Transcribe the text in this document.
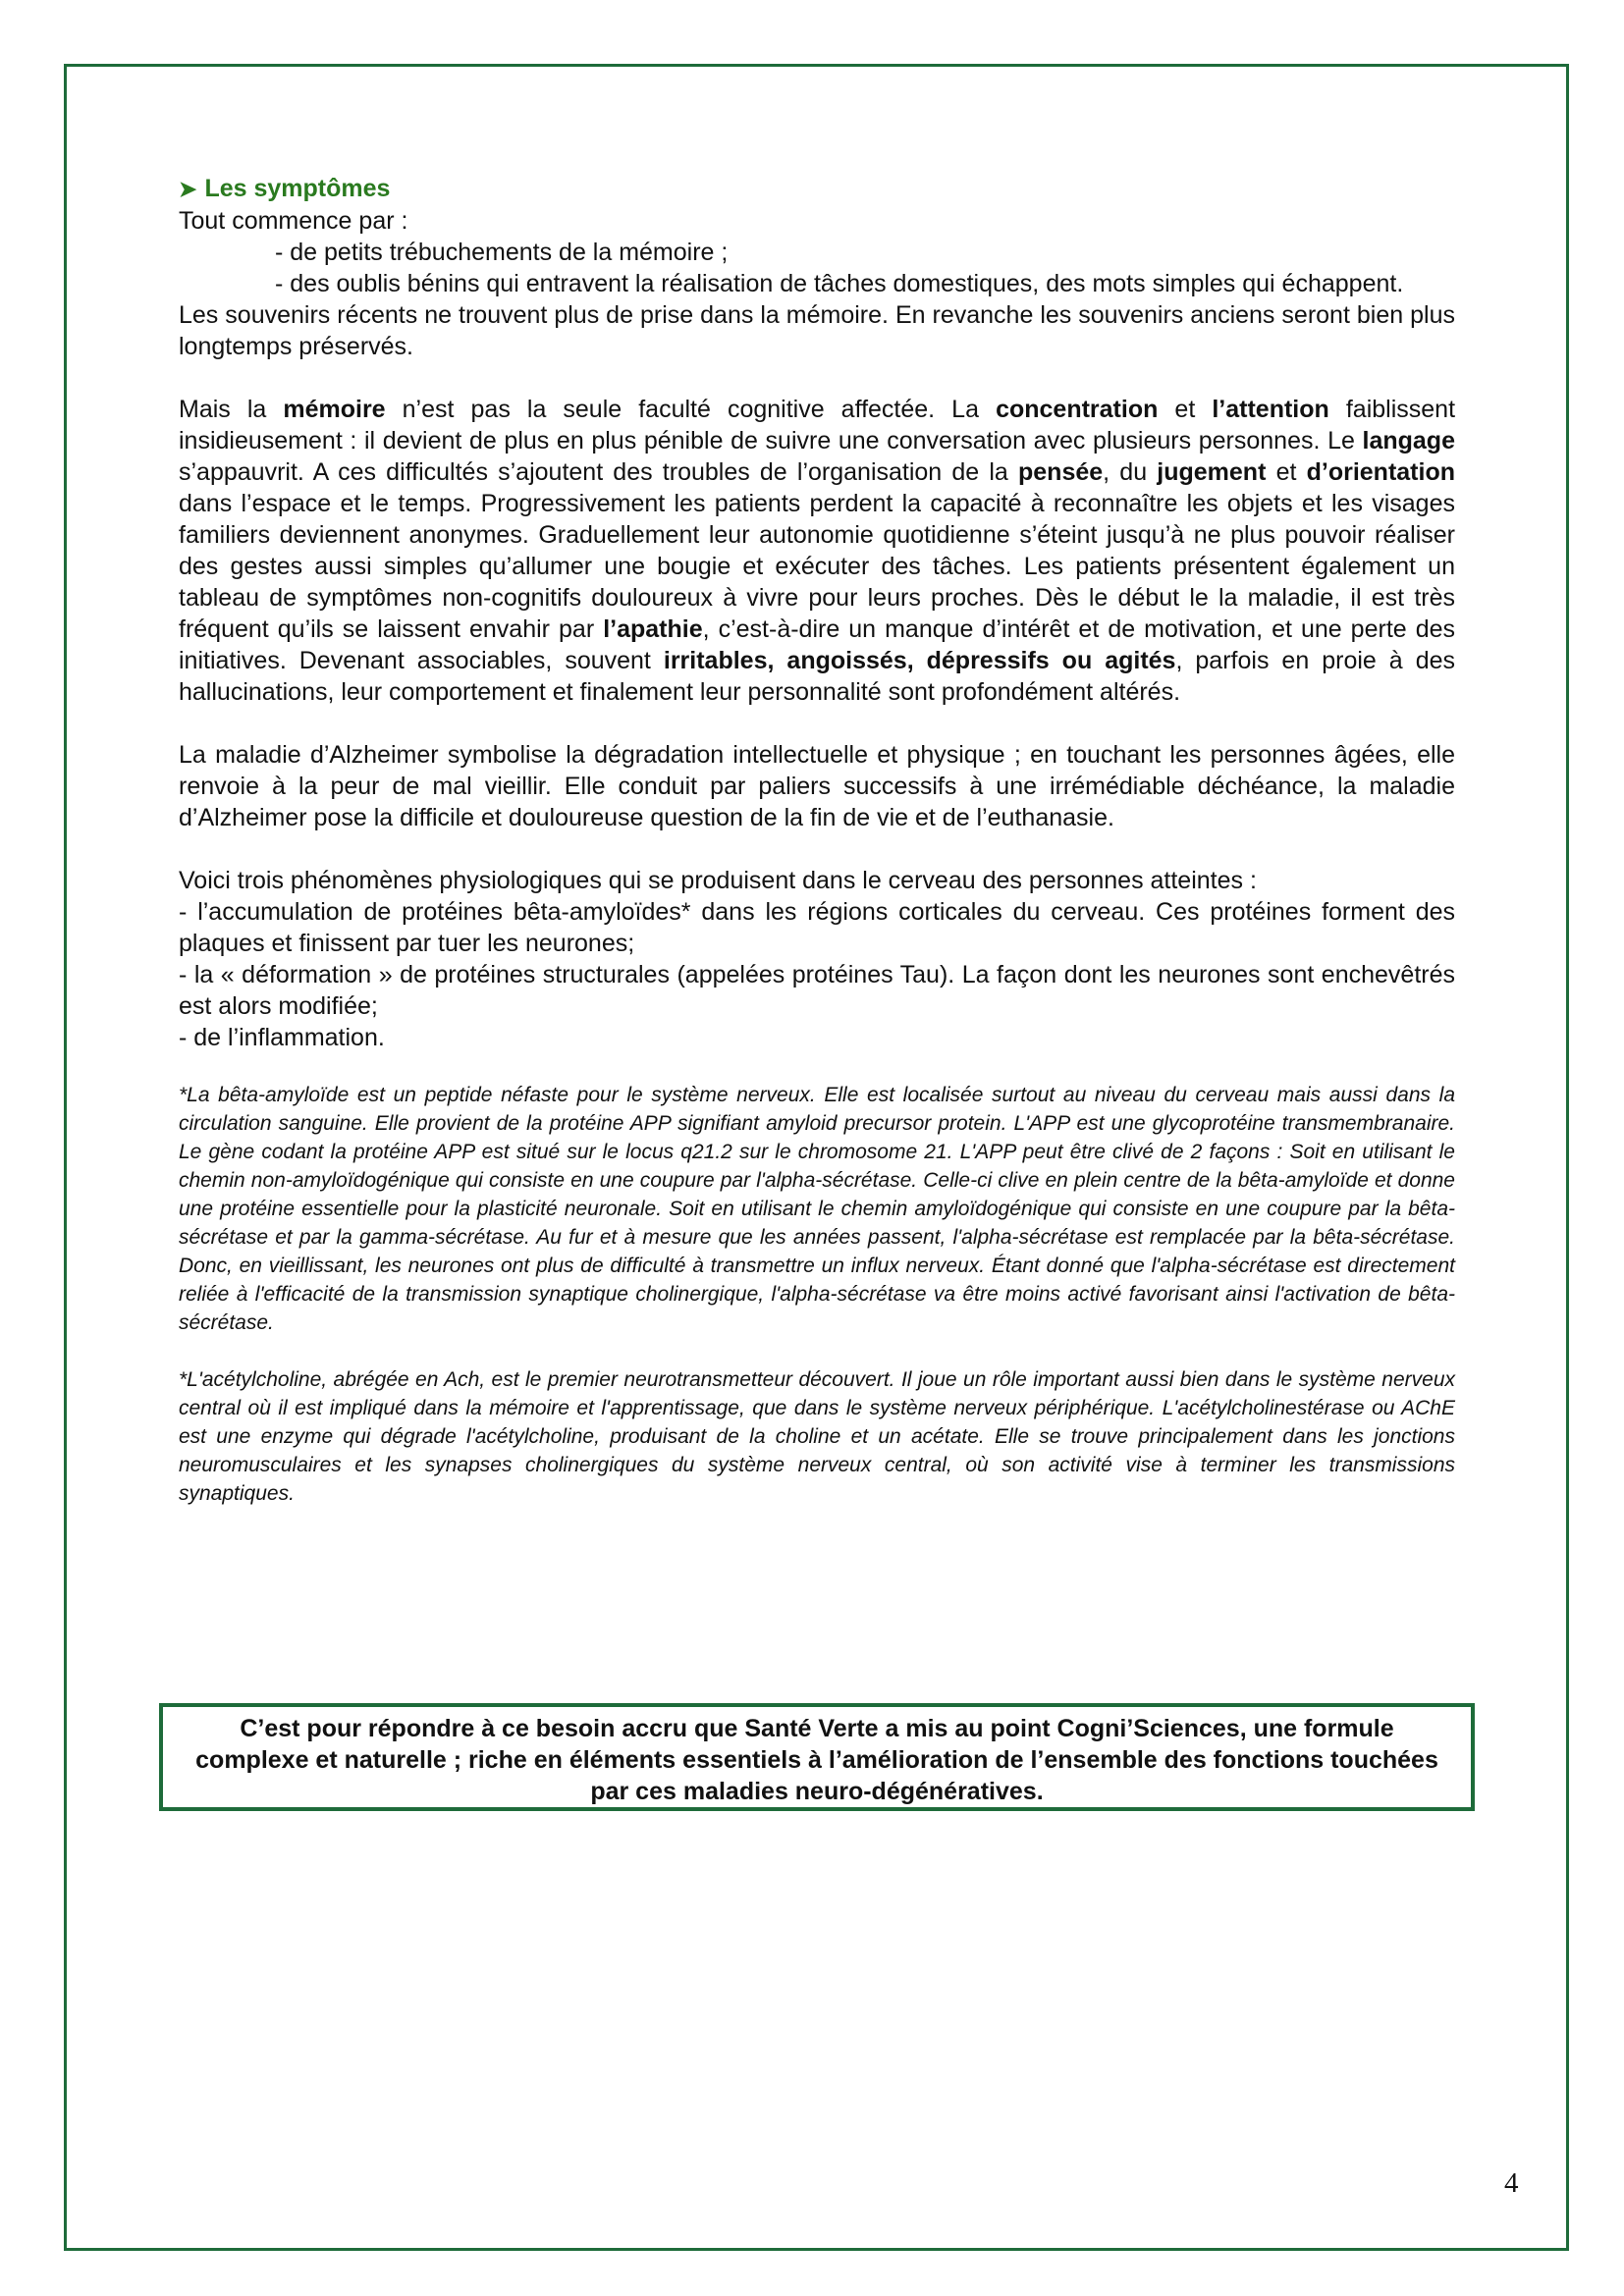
➤ Les symptômes

Tout commence par :

- de petits trébuchements de la mémoire ;

- des oublis bénins qui entravent la réalisation de tâches domestiques, des mots simples qui échappent.

Les souvenirs récents ne trouvent plus de prise dans la mémoire. En revanche les souvenirs anciens seront bien plus longtemps préservés.

Mais la mémoire n’est pas la seule faculté cognitive affectée. La concentration et l’attention faiblissent insidieusement : il devient de plus en plus pénible de suivre une conversation avec plusieurs personnes. Le langage s’appauvrit. A ces difficultés s’ajoutent des troubles de l’organisation de la pensée, du jugement et d’orientation dans l’espace et le temps. Progressivement les patients perdent la capacité à reconnaître les objets et les visages familiers deviennent anonymes. Graduellement leur autonomie quotidienne s’éteint jusqu’à ne plus pouvoir réaliser des gestes aussi simples qu’allumer une bougie et exécuter des tâches. Les patients présentent également un tableau de symptômes non-cognitifs douloureux à vivre pour leurs proches. Dès le début le la maladie, il est très fréquent qu’ils se laissent envahir par l’apathie, c’est-à-dire un manque d’intérêt et de motivation, et une perte des initiatives. Devenant associables, souvent irritables, angoissés, dépressifs ou agités, parfois en proie à des hallucinations, leur comportement et finalement leur personnalité sont profondément altérés.

La maladie d’Alzheimer symbolise la dégradation intellectuelle et physique ; en touchant les personnes âgées, elle renvoie à la peur de mal vieillir. Elle conduit par paliers successifs à une irrémédiable déchéance, la maladie d’Alzheimer pose la difficile et douloureuse question de la fin de vie et de l’euthanasie.

Voici trois phénomènes physiologiques qui se produisent dans le cerveau des personnes atteintes :

- l’accumulation de protéines bêta-amyloïdes* dans les régions corticales du cerveau. Ces protéines forment des plaques et finissent par tuer les neurones;

- la « déformation » de protéines structurales (appelées protéines Tau). La façon dont les neurones sont enchevêtrés est alors modifiée;

- de l’inflammation.

*La bêta-amyloïde est un peptide néfaste pour le système nerveux. Elle est localisée surtout au niveau du cerveau mais aussi dans la circulation sanguine. Elle provient de la protéine APP signifiant amyloid precursor protein. L'APP est une glycoprotéine transmembranaire. Le gène codant la protéine APP est situé sur le locus q21.2 sur le chromosome 21. L'APP peut être clivé de 2 façons : Soit en utilisant le chemin non-amyloïdogénique qui consiste en une coupure par l'alpha-sécrétase. Celle-ci clive en plein centre de la bêta-amyloïde et donne une protéine essentielle pour la plasticité neuronale. Soit en utilisant le chemin amyloïdogénique qui consiste en une coupure par la bêta-sécrétase et par la gamma-sécrétase. Au fur et à mesure que les années passent, l'alpha-sécrétase est remplacée par la bêta-sécrétase. Donc, en vieillissant, les neurones ont plus de difficulté à transmettre un influx nerveux. Étant donné que l'alpha-sécrétase est directement reliée à l'efficacité de la transmission synaptique cholinergique, l'alpha-sécrétase va être moins activé favorisant ainsi l'activation de bêta-sécrétase.

*L'acétylcholine, abrégée en Ach, est le premier neurotransmetteur découvert. Il joue un rôle important aussi bien dans le système nerveux central où il est impliqué dans la mémoire et l'apprentissage, que dans le système nerveux périphérique. L'acétylcholinestérase ou AChE est une enzyme qui dégrade l'acétylcholine, produisant de la choline et un acétate. Elle se trouve principalement dans les jonctions neuromusculaires et les synapses cholinergiques du système nerveux central, où son activité vise à terminer les transmissions synaptiques.

C’est pour répondre à ce besoin accru que Santé Verte a mis au point Cogni’Sciences, une formule complexe et naturelle ; riche en éléments essentiels à l’amélioration de l’ensemble des fonctions touchées par ces maladies neuro-dégénératives.
4
